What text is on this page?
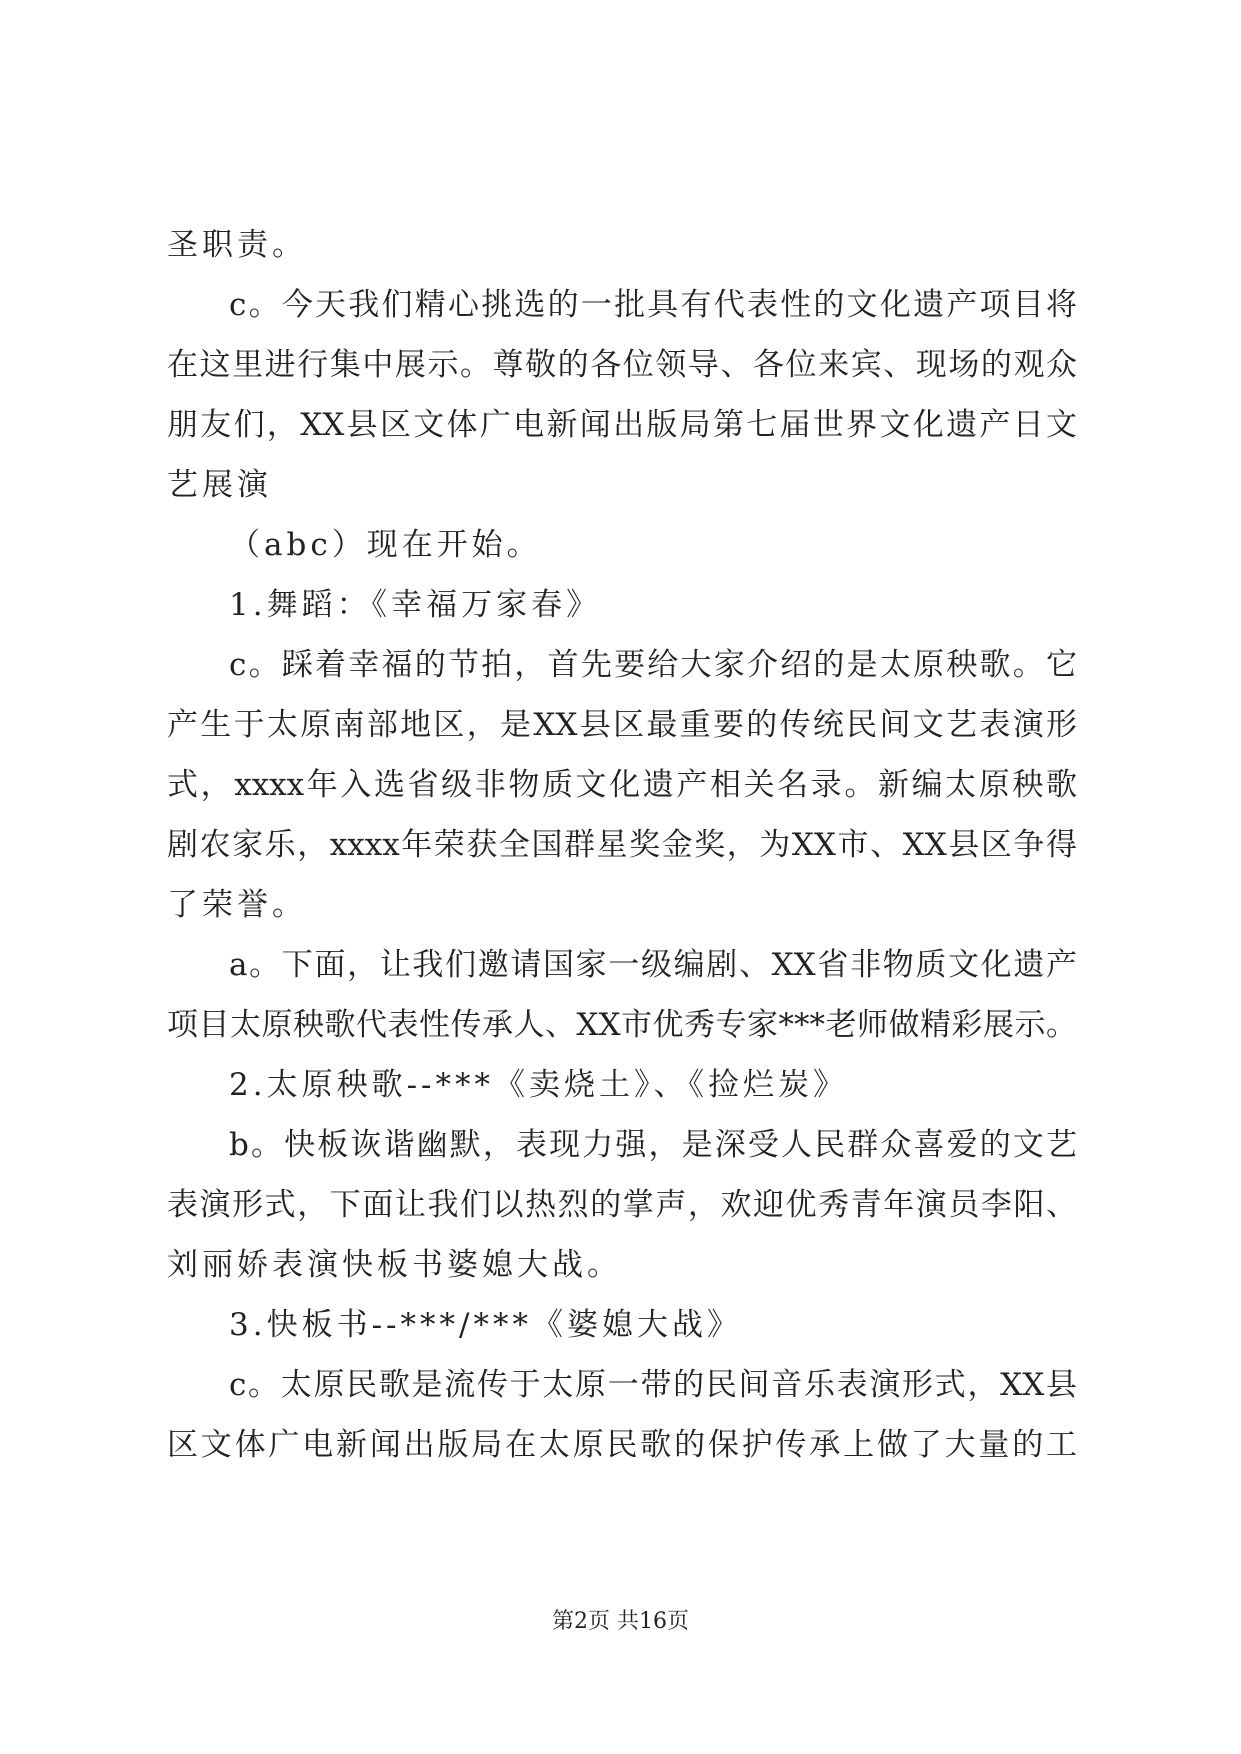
圣职责。
c。今天我们精心挑选的一批具有代表性的文化遗产项目将
在这里进行集中展示。尊敬的各位领导、各位来宾、现场的观众
朋友们，XX县区文体广电新闻出版局第七届世界文化遗产日文
艺展演
（abc）现在开始。
1.舞蹈：《幸福万家春》
c。踩着幸福的节拍，首先要给大家介绍的是太原秧歌。它
产生于太原南部地区，是XX县区最重要的传统民间文艺表演形
式，xxxx年入选省级非物质文化遗产相关名录。新编太原秧歌
剧农家乐，xxxx年荣获全国群星奖金奖，为XX市、XX县区争得
了荣誉。
a。下面，让我们邀请国家一级编剧、XX省非物质文化遗产
项目太原秧歌代表性传承人、XX市优秀专家***老师做精彩展示。
2.太原秧歌--***《卖烧土》、《捡烂炭》
b。快板诙谐幽默，表现力强，是深受人民群众喜爱的文艺
表演形式，下面让我们以热烈的掌声，欢迎优秀青年演员李阳、
刘丽娇表演快板书婆媳大战。
3.快板书--***/***《婆媳大战》
c。太原民歌是流传于太原一带的民间音乐表演形式，XX县
区文体广电新闻出版局在太原民歌的保护传承上做了大量的工
第2页 共16页
